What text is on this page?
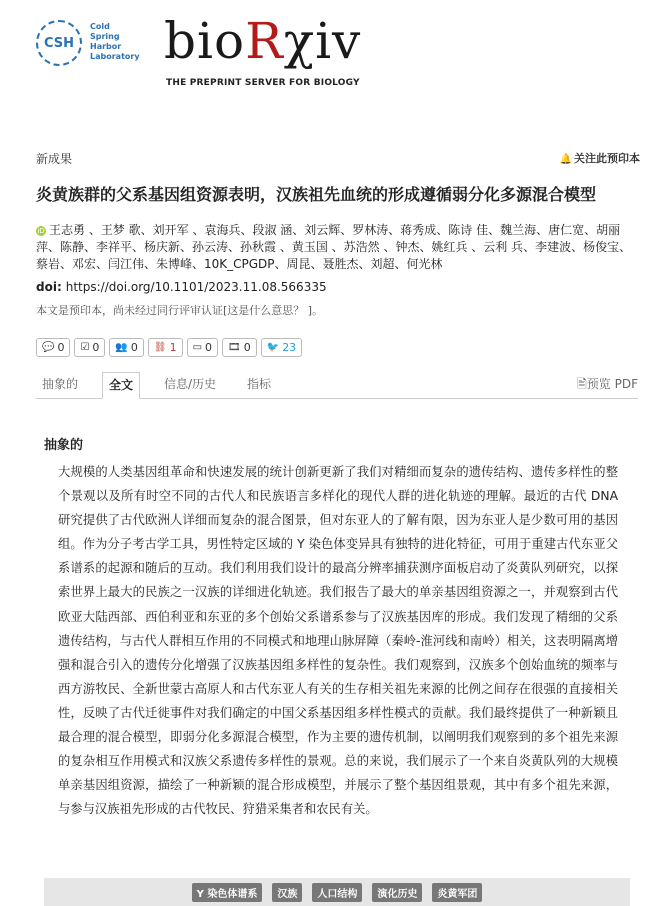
CSH
Cold
Spring
Harbor
Laboratory bioRχiv
THE PREPRINT SERVER FOR BIOLOGY
新成果	🔔 关注此预印本
炎黄族群的父系基因组资源表明，汉族祖先血统的形成遵循弱分化多源混合模型
iD 王志勇 、王梦 歌、刘开军 、袁海兵、段淑 涵、刘云辉、罗林涛、蒋秀成、陈诗 佳、魏兰海、唐仁宽、胡丽萍、陈静、李祥平、杨庆新、孙云涛、孙秋霞 、黄玉国 、苏浩然 、钟杰、姚红兵 、云利 兵、李建波、杨俊宝、蔡岩、邓宏、闫江伟、朱博峰、10K_CPGDP、周昆、聂胜杰、刘超、何光林
doi: https://doi.org/10.1101/2023.11.08.566335
本文是预印本，尚未经过同行评审认证[这是什么意思？ ]。
💬 0 ☑ 0 👥 0 ⛓ 1 ▭ 0 🎞 0 🐦 23
抽象的	全文	信息/历史	指标	🖹预览 PDF
抽象的
大规模的人类基因组革命和快速发展的统计创新更新了我们对精细而复杂的遗传结构、遗传多样性的整个景观以及所有时空不同的古代人和民族语言多样化的现代人群的进化轨迹的理解。最近的古代 DNA 研究提供了古代欧洲人详细而复杂的混合图景，但对东亚人的了解有限，因为东亚人是少数可用的基因组。作为分子考古学工具，男性特定区域的 Y 染色体变异具有独特的进化特征，可用于重建古代东亚父系谱系的起源和随后的互动。我们利用我们设计的最高分辨率捕获测序面板启动了炎黄队列研究，以探索世界上最大的民族之一汉族的详细进化轨迹。我们报告了最大的单亲基因组资源之一，并观察到古代欧亚大陆西部、西伯利亚和东亚的多个创始父系谱系参与了汉族基因库的形成。我们发现了精细的父系遗传结构，与古代人群相互作用的不同模式和地理山脉屏障（秦岭-淮河线和南岭）相关，这表明隔离增强和混合引入的遗传分化增强了汉族基因组多样性的复杂性。我们观察到，汉族多个创始血统的频率与西方游牧民、全新世蒙古高原人和古代东亚人有关的生存相关祖先来源的比例之间存在很强的直接相关性，反映了古代迁徙事件对我们确定的中国父系基因组多样性模式的贡献。我们最终提供了一种新颖且最合理的混合模型，即弱分化多源混合模型，作为主要的遗传机制，以阐明我们观察到的多个祖先来源的复杂相互作用模式和汉族父系遗传多样性的景观。总的来说，我们展示了一个来自炎黄队列的大规模单亲基因组资源，描绘了一种新颖的混合形成模型，并展示了整个基因组景观，其中有多个祖先来源，与参与汉族祖先形成的古代牧民、狩猎采集者和农民有关。
Y 染色体谱系	汉族	人口结构	演化历史	炎黄军团
